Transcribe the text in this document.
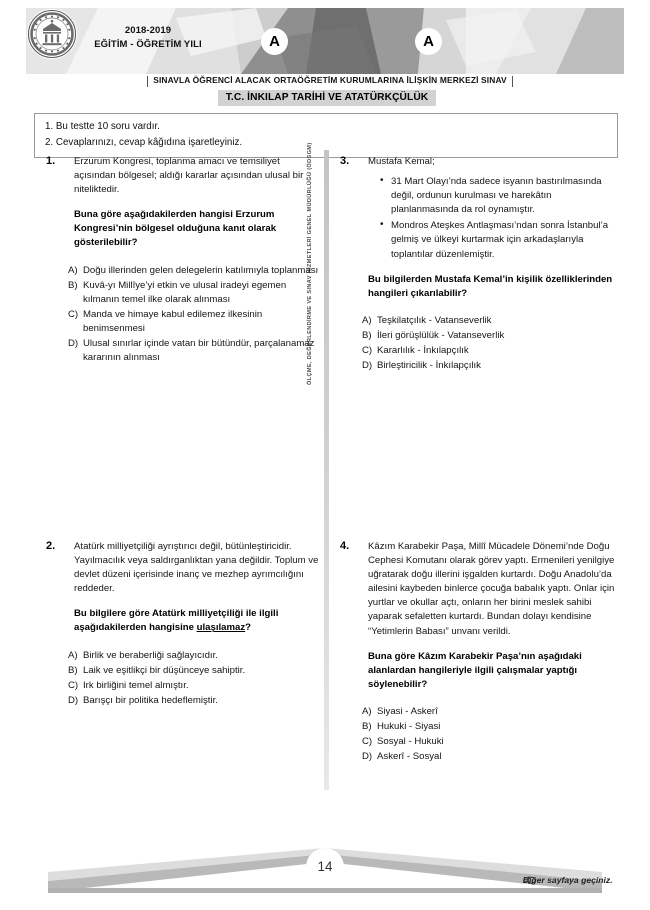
2018-2019
EĞİTİM - ÖĞRETİM YILI	A	A
SINAVLA ÖĞRENCİ ALACAK ORTAÖĞRETİM KURUMLARINA İLİŞKİN MERKEZİ SINAV
T.C. İNKILAP TARİHİ VE ATATÜRKÇÜLÜK
1. Bu testte 10 soru vardır.
2. Cevaplarınızı, cevap kâğıdına işaretleyiniz.
ÖLÇME, DEĞERLENDİRME VE SINAV HİZMETLERİ GENEL MÜDÜRLÜĞÜ (ÖDSGM)
1. Erzurum Kongresi, toplanma amacı ve temsiliyet açısından bölgesel; aldığı kararlar açısından ulusal bir niteliktedir.
Buna göre aşağıdakilerden hangisi Erzurum Kongresi’nin bölgesel olduğuna kanıt olarak gösterilebilir?
A) Doğu illerinden gelen delegelerin katılımıyla toplanması
B) Kuvâ-yı Millîye’yi etkin ve ulusal iradeyi egemen kılmanın temel ilke olarak alınması
C) Manda ve himaye kabul edilemez ilkesinin benimsenmesi
D) Ulusal sınırlar içinde vatan bir bütündür, parçalanamaz kararının alınması
2. Atatürk milliyetçiliği ayrıştırıcı değil, bütünleştiricidir. Yayılmacılık veya saldırganlıktan yana değildir. Toplum ve devlet düzeni içerisinde inanç ve mezhep ayrımcılığını reddeder.
Bu bilgilere göre Atatürk milliyetçiliği ile ilgili aşağıdakilerden hangisine ulaşılamaz?
A) Birlik ve beraberliği sağlayıcıdır.
B) Laik ve eşitlikçi bir düşünceye sahiptir.
C) Irk birliğini temel almıştır.
D) Barışçı bir politika hedeflemiştir.
3. Mustafa Kemal;
• 31 Mart Olayı’nda sadece isyanın bastırılmasında değil, ordunun kurulması ve harekâtın planlanmasında da rol oynamıştır.
• Mondros Ateşkes Antlaşması’ndan sonra İstanbul’a gelmiş ve ülkeyi kurtarmak için arkadaşlarıyla toplantılar düzenlemiştir.
Bu bilgilerden Mustafa Kemal’in kişilik özelliklerinden hangileri çıkarılabilir?
A) Teşkilatçılık - Vatanseverlik
B) İleri görüşlülük - Vatanseverlik
C) Kararlılık - İnkılapçılık
D) Birleştiricilik - İnkılapçılık
4. Kâzım Karabekir Paşa, Millî Mücadele Dönemi’nde Doğu Cephesi Komutanı olarak görev yaptı. Ermenileri yenilgiye uğratarak doğu illerini işgalden kurtardı. Doğu Anadolu’da ailesini kaybeden binlerce çocuğa babalık yaptı. Onlar için yurtlar ve okullar açtı, onların her birini meslek sahibi yaparak sefaletten kurtardı. Bundan dolayı kendisine “Yetimlerin Babası” unvanı verildi.
Buna göre Kâzım Karabekir Paşa’nın aşağıdaki alanlardan hangileriyle ilgili çalışmalar yaptığı söylenebilir?
A) Siyasi - Askerî
B) Hukuki - Siyasi
C) Sosyal - Hukuki
D) Askerî - Sosyal
14
Diğer sayfaya geçiniz.
